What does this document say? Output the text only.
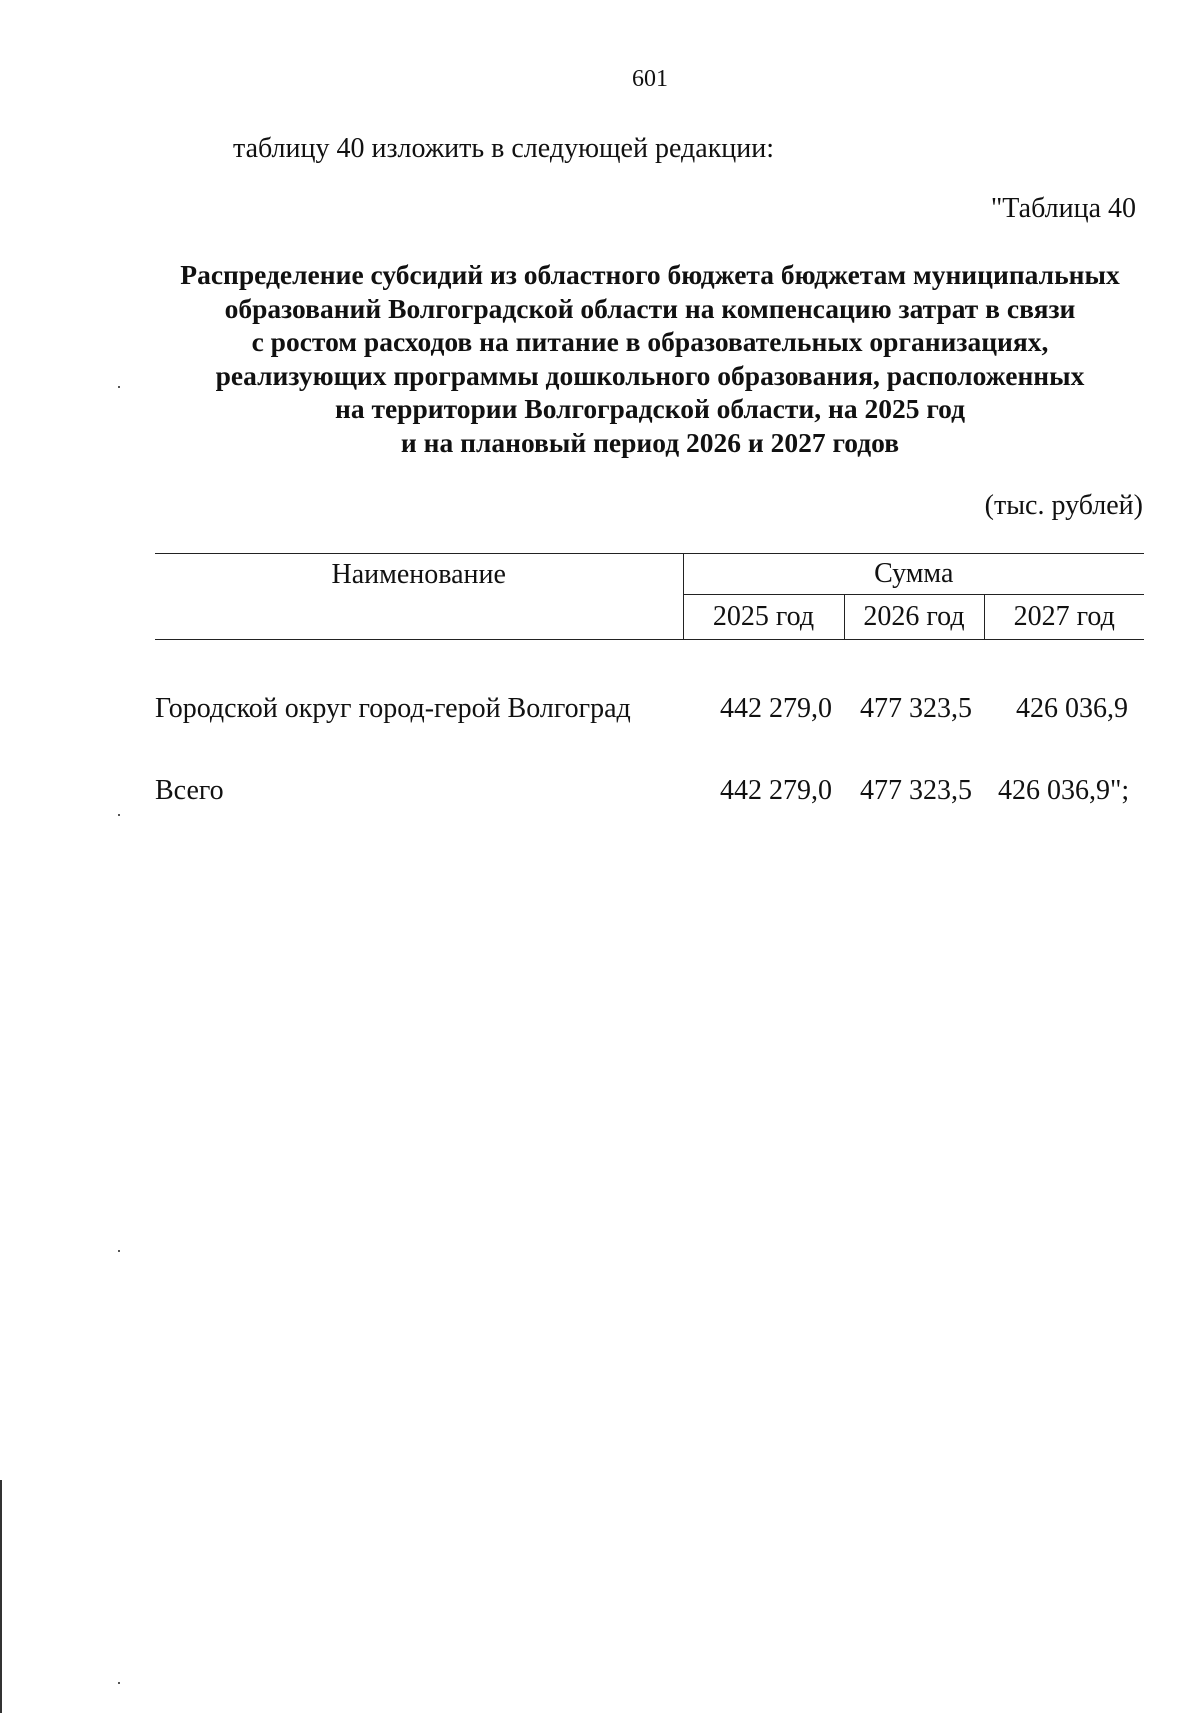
601
таблицу 40 изложить в следующей редакции:
"Таблица 40
Распределение субсидий из областного бюджета бюджетам муниципальных
образований Волгоградской области на компенсацию затрат в связи
с ростом расходов на питание в образовательных организациях,
реализующих программы дошкольного образования, расположенных
на территории Волгоградской области, на 2025 год
и на плановый период 2026 и 2027 годов
(тыс. рублей)
Наименование	Сумма		
	2025 год	2026 год	2027 год

Городской округ город-герой Волгоград	442 279,0	477 323,5	426 036,9

Всего	442 279,0	477 323,5	426 036,9";
